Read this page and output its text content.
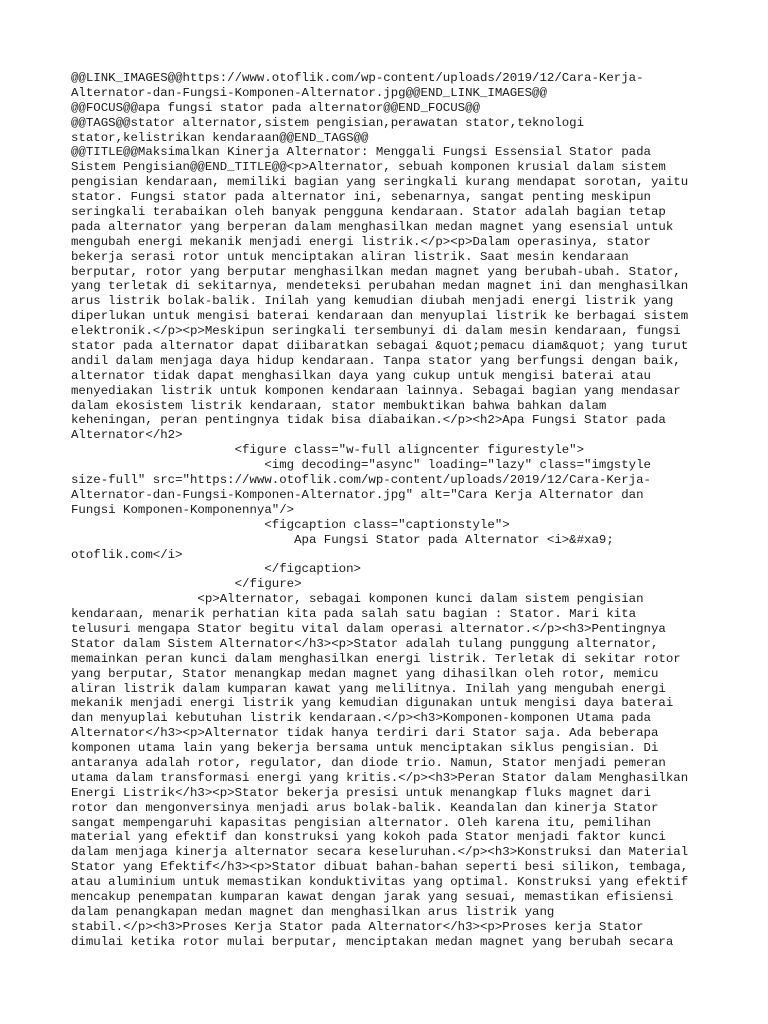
@@LINK_IMAGES@@https://www.otoflik.com/wp-content/uploads/2019/12/Cara-Kerja-
Alternator-dan-Fungsi-Komponen-Alternator.jpg@@END_LINK_IMAGES@@
@@FOCUS@@apa fungsi stator pada alternator@@END_FOCUS@@
@@TAGS@@stator alternator,sistem pengisian,perawatan stator,teknologi
stator,kelistrikan kendaraan@@END_TAGS@@
@@TITLE@@Maksimalkan Kinerja Alternator: Menggali Fungsi Essensial Stator pada
Sistem Pengisian@@END_TITLE@@<p>Alternator, sebuah komponen krusial dalam sistem
pengisian kendaraan, memiliki bagian yang seringkali kurang mendapat sorotan, yaitu
stator. Fungsi stator pada alternator ini, sebenarnya, sangat penting meskipun
seringkali terabaikan oleh banyak pengguna kendaraan. Stator adalah bagian tetap
pada alternator yang berperan dalam menghasilkan medan magnet yang esensial untuk
mengubah energi mekanik menjadi energi listrik.</p><p>Dalam operasinya, stator
bekerja serasi rotor untuk menciptakan aliran listrik. Saat mesin kendaraan
berputar, rotor yang berputar menghasilkan medan magnet yang berubah-ubah. Stator,
yang terletak di sekitarnya, mendeteksi perubahan medan magnet ini dan menghasilkan
arus listrik bolak-balik. Inilah yang kemudian diubah menjadi energi listrik yang
diperlukan untuk mengisi baterai kendaraan dan menyuplai listrik ke berbagai sistem
elektronik.</p><p>Meskipun seringkali tersembunyi di dalam mesin kendaraan, fungsi
stator pada alternator dapat diibaratkan sebagai &quot;pemacu diam&quot; yang turut
andil dalam menjaga daya hidup kendaraan. Tanpa stator yang berfungsi dengan baik,
alternator tidak dapat menghasilkan daya yang cukup untuk mengisi baterai atau
menyediakan listrik untuk komponen kendaraan lainnya. Sebagai bagian yang mendasar
dalam ekosistem listrik kendaraan, stator membuktikan bahwa bahkan dalam
keheningan, peran pentingnya tidak bisa diabaikan.</p><h2>Apa Fungsi Stator pada
Alternator</h2>
<figure class="w-full aligncenter figurestyle">
<img decoding="async" loading="lazy" class="imgstyle
size-full" src="https://www.otoflik.com/wp-content/uploads/2019/12/Cara-Kerja-
Alternator-dan-Fungsi-Komponen-Alternator.jpg" alt="Cara Kerja Alternator dan
Fungsi Komponen-Komponennya"/>
<figcaption class="captionstyle">
Apa Fungsi Stator pada Alternator <i>&#xa9;
otoflik.com</i>
</figcaption>
</figure>
<p>Alternator, sebagai komponen kunci dalam sistem pengisian
kendaraan, menarik perhatian kita pada salah satu bagian : Stator. Mari kita
telusuri mengapa Stator begitu vital dalam operasi alternator.</p><h3>Pentingnya
Stator dalam Sistem Alternator</h3><p>Stator adalah tulang punggung alternator,
memainkan peran kunci dalam menghasilkan energi listrik. Terletak di sekitar rotor
yang berputar, Stator menangkap medan magnet yang dihasilkan oleh rotor, memicu
aliran listrik dalam kumparan kawat yang melilitnya. Inilah yang mengubah energi
mekanik menjadi energi listrik yang kemudian digunakan untuk mengisi daya baterai
dan menyuplai kebutuhan listrik kendaraan.</p><h3>Komponen-komponen Utama pada
Alternator</h3><p>Alternator tidak hanya terdiri dari Stator saja. Ada beberapa
komponen utama lain yang bekerja bersama untuk menciptakan siklus pengisian. Di
antaranya adalah rotor, regulator, dan diode trio. Namun, Stator menjadi pemeran
utama dalam transformasi energi yang kritis.</p><h3>Peran Stator dalam Menghasilkan
Energi Listrik</h3><p>Stator bekerja presisi untuk menangkap fluks magnet dari
rotor dan mengonversinya menjadi arus bolak-balik. Keandalan dan kinerja Stator
sangat mempengaruhi kapasitas pengisian alternator. Oleh karena itu, pemilihan
material yang efektif dan konstruksi yang kokoh pada Stator menjadi faktor kunci
dalam menjaga kinerja alternator secara keseluruhan.</p><h3>Konstruksi dan Material
Stator yang Efektif</h3><p>Stator dibuat bahan-bahan seperti besi silikon, tembaga,
atau aluminium untuk memastikan konduktivitas yang optimal. Konstruksi yang efektif
mencakup penempatan kumparan kawat dengan jarak yang sesuai, memastikan efisiensi
dalam penangkapan medan magnet dan menghasilkan arus listrik yang
stabil.</p><h3>Proses Kerja Stator pada Alternator</h3><p>Proses kerja Stator
dimulai ketika rotor mulai berputar, menciptakan medan magnet yang berubah secara
